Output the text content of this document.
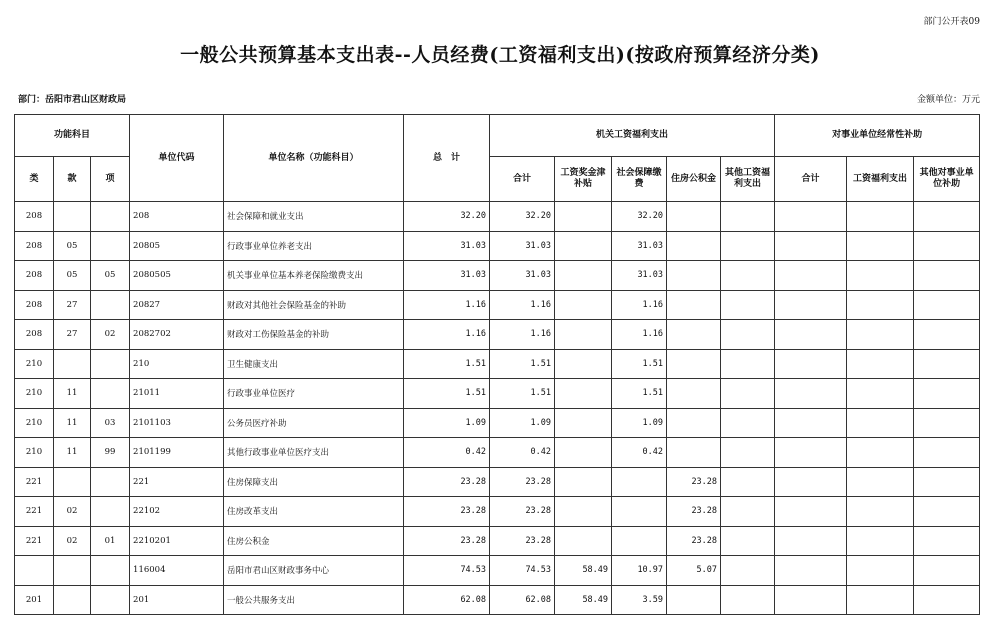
部门公开表09
一般公共预算基本支出表--人员经费(工资福利支出)(按政府预算经济分类)
部门：岳阳市君山区财政局	金额单位：万元
功能科目			单位代码	单位名称（功能科目）	总　计	机关工资福利支出					对事业单位经常性补助		
类	款	项				合计	工资奖金津补贴	社会保障缴费	住房公积金	其他工资福利支出	合计	工资福利支出	其他对事业单位补助
208			208	社会保障和就业支出	32.20	32.20		32.20					
208	05		20805	行政事业单位养老支出	31.03	31.03		31.03					
208	05	05	2080505	机关事业单位基本养老保险缴费支出	31.03	31.03		31.03					
208	27		20827	财政对其他社会保险基金的补助	1.16	1.16		1.16					
208	27	02	2082702	财政对工伤保险基金的补助	1.16	1.16		1.16					
210			210	卫生健康支出	1.51	1.51		1.51					
210	11		21011	行政事业单位医疗	1.51	1.51		1.51					
210	11	03	2101103	公务员医疗补助	1.09	1.09		1.09					
210	11	99	2101199	其他行政事业单位医疗支出	0.42	0.42		0.42					
221			221	住房保障支出	23.28	23.28			23.28				
221	02		22102	住房改革支出	23.28	23.28			23.28				
221	02	01	2210201	住房公积金	23.28	23.28			23.28				
			116004	岳阳市君山区财政事务中心	74.53	74.53	58.49	10.97	5.07				
201			201	一般公共服务支出	62.08	62.08	58.49	3.59					
